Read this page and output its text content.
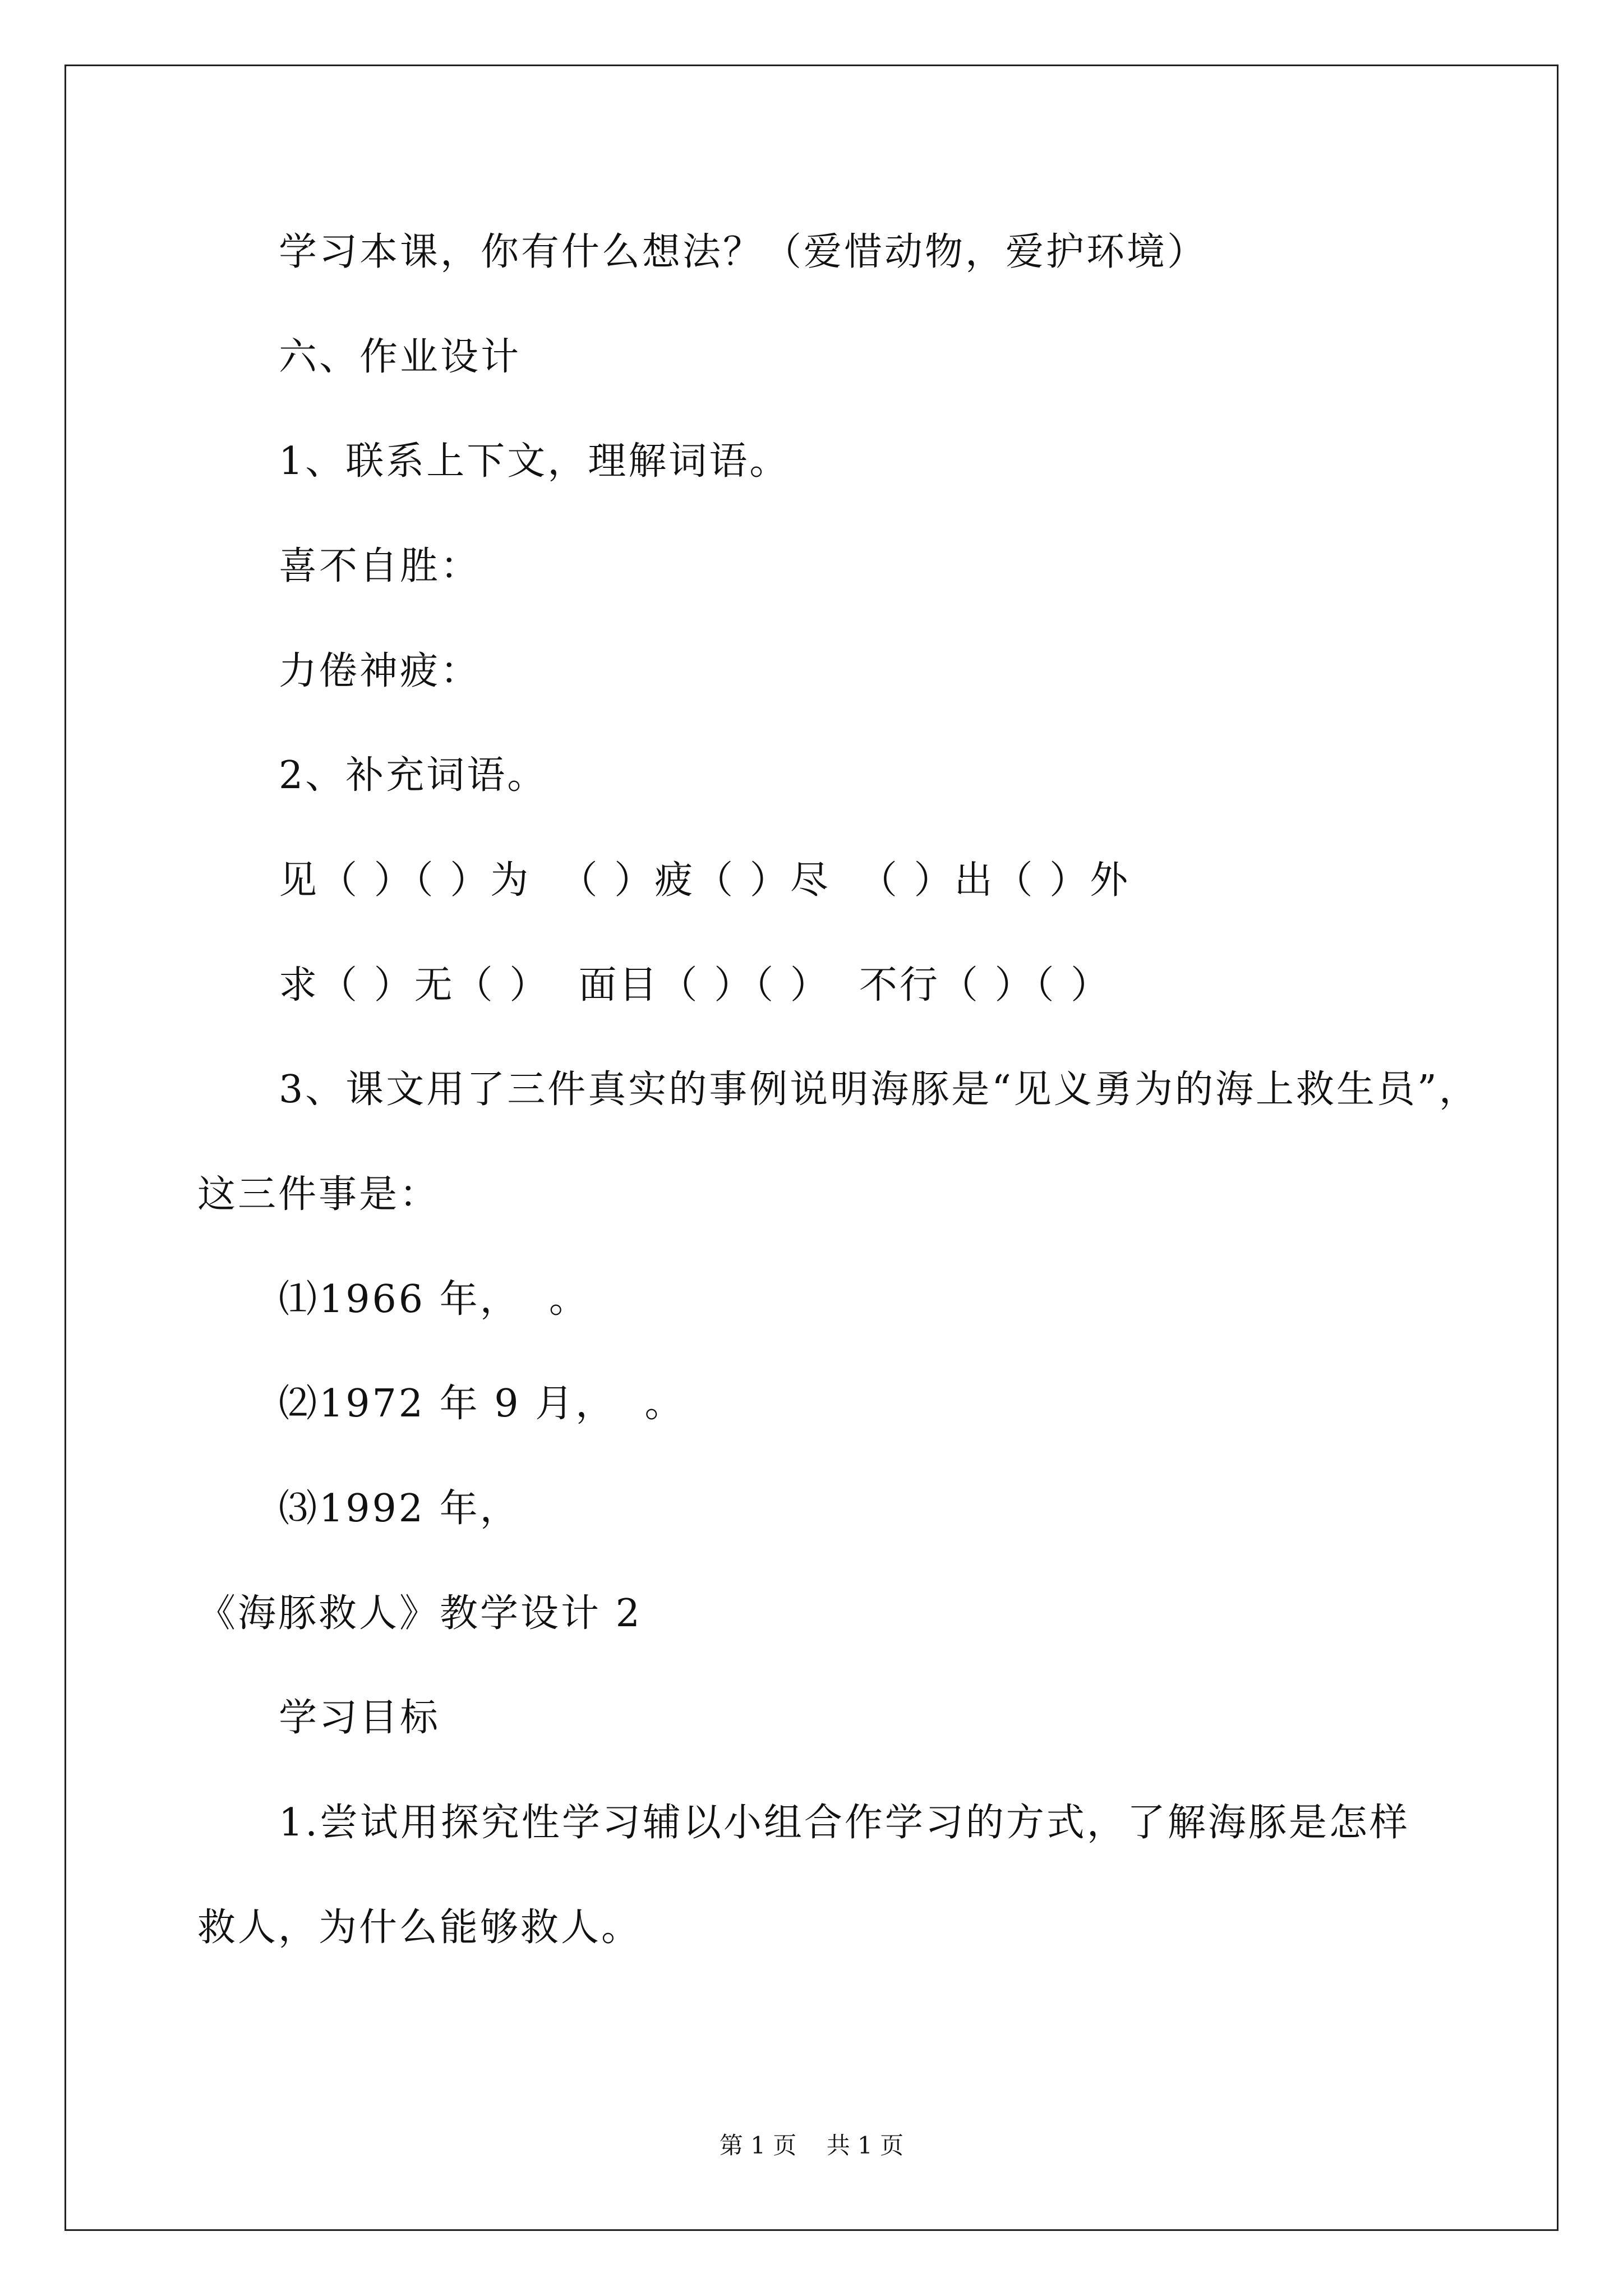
学习本课，你有什么想法？（爱惜动物，爱护环境）
六、作业设计
1、联系上下文，理解词语。
喜不自胜：
力倦神疲：
2、补充词语。
见（ ）（ ）为  （ ）疲（ ）尽  （ ）出（ ）外
求（ ）无（ ）  面目（ ）（ ）  不行（ ）（ ）
3、课文用了三件真实的事例说明海豚是“见义勇为的海上救生员”，
这三件事是：
⑴1966 年，  。
⑵1972 年 9 月，  。
⑶1992 年，
《海豚救人》教学设计 2
学习目标
1.尝试用探究性学习辅以小组合作学习的方式，了解海豚是怎样
救人，为什么能够救人。
第 1 页    共 1 页
